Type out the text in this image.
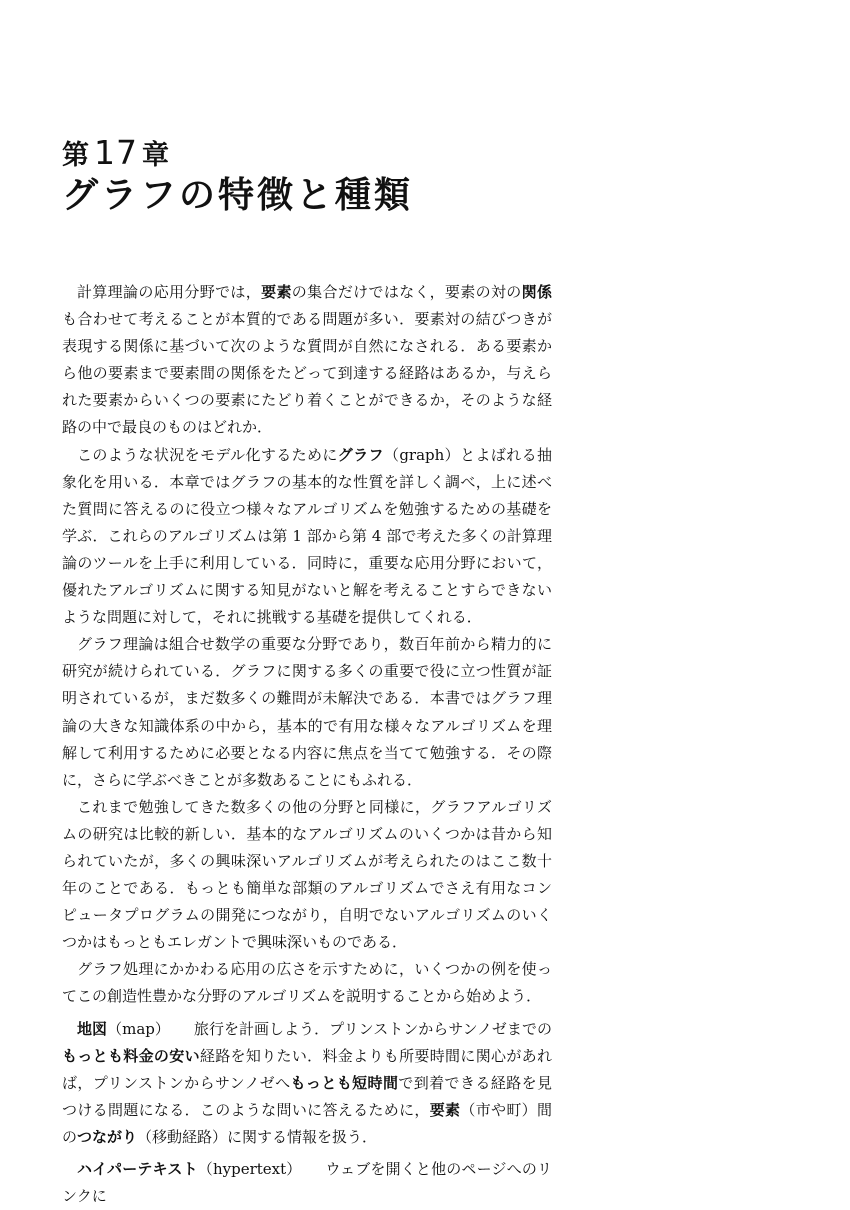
第 17 章
グラフの特徴と種類

計算理論の応用分野では，要素の集合だけではなく，要素の対の関係も合わせて考えることが本質的である問題が多い．要素対の結びつきが表現する関係に基づいて次のような質問が自然になされる．ある要素から他の要素まで要素間の関係をたどって到達する経路はあるか，与えられた要素からいくつの要素にたどり着くことができるか，そのような経路の中で最良のものはどれか．

このような状況をモデル化するためにグラフ（graph）とよばれる抽象化を用いる．本章ではグラフの基本的な性質を詳しく調べ，上に述べた質問に答えるのに役立つ様々なアルゴリズムを勉強するための基礎を学ぶ．これらのアルゴリズムは第 1 部から第 4 部で考えた多くの計算理論のツールを上手に利用している．同時に，重要な応用分野において，優れたアルゴリズムに関する知見がないと解を考えることすらできないような問題に対して，それに挑戦する基礎を提供してくれる．

グラフ理論は組合せ数学の重要な分野であり，数百年前から精力的に研究が続けられている．グラフに関する多くの重要で役に立つ性質が証明されているが，まだ数多くの難問が未解決である．本書ではグラフ理論の大きな知識体系の中から，基本的で有用な様々なアルゴリズムを理解して利用するために必要となる内容に焦点を当てて勉強する．その際に，さらに学ぶべきことが多数あることにもふれる．

これまで勉強してきた数多くの他の分野と同様に，グラフアルゴリズムの研究は比較的新しい．基本的なアルゴリズムのいくつかは昔から知られていたが，多くの興味深いアルゴリズムが考えられたのはここ数十年のことである．もっとも簡単な部類のアルゴリズムでさえ有用なコンピュータプログラムの開発につながり，自明でないアルゴリズムのいくつかはもっともエレガントで興味深いものである．

グラフ処理にかかわる応用の広さを示すために，いくつかの例を使ってこの創造性豊かな分野のアルゴリズムを説明することから始めよう．

地図（map） 旅行を計画しよう．プリンストンからサンノゼまでのもっとも料金の安い経路を知りたい．料金よりも所要時間に関心があれば，プリンストンからサンノゼへもっとも短時間で到着できる経路を見つける問題になる．このような問いに答えるために，要素（市や町）間のつながり（移動経路）に関する情報を扱う．

ハイパーテキスト（hypertext） ウェブを開くと他のページへのリンクに
